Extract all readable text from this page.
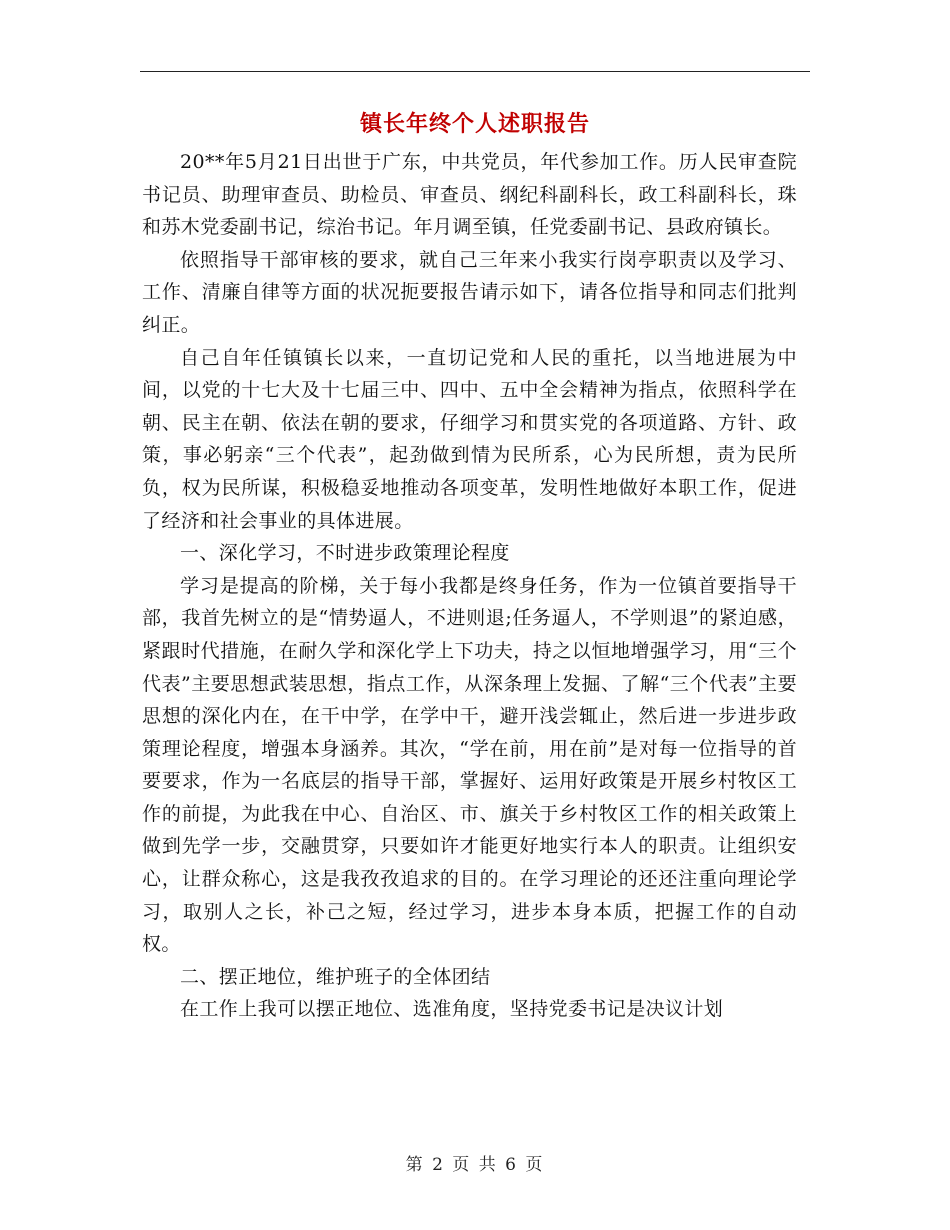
镇长年终个人述职报告

20**年5月21日出世于广东，中共党员，年代参加工作。历人民审查院书记员、助理审查员、助检员、审查员、纲纪科副科长，政工科副科长，珠和苏木党委副书记，综治书记。年月调至镇，任党委副书记、县政府镇长。

依照指导干部审核的要求，就自己三年来小我实行岗亭职责以及学习、工作、清廉自律等方面的状况扼要报告请示如下，请各位指导和同志们批判纠正。

自己自年任镇镇长以来，一直切记党和人民的重托，以当地进展为中间，以党的十七大及十七届三中、四中、五中全会精神为指点，依照科学在朝、民主在朝、依法在朝的要求，仔细学习和贯实党的各项道路、方针、政策，事必躬亲“三个代表”，起劲做到情为民所系，心为民所想，责为民所负，权为民所谋，积极稳妥地推动各项变革，发明性地做好本职工作，促进了经济和社会事业的具体进展。

一、深化学习，不时进步政策理论程度

学习是提高的阶梯，关于每小我都是终身任务，作为一位镇首要指导干部，我首先树立的是“情势逼人，不进则退;任务逼人，不学则退”的紧迫感，紧跟时代措施，在耐久学和深化学上下功夫，持之以恒地增强学习，用“三个代表”主要思想武装思想，指点工作，从深条理上发掘、了解“三个代表”主要思想的深化内在，在干中学，在学中干，避开浅尝辄止，然后进一步进步政策理论程度，增强本身涵养。其次，“学在前，用在前”是对每一位指导的首要要求，作为一名底层的指导干部，掌握好、运用好政策是开展乡村牧区工作的前提，为此我在中心、自治区、市、旗关于乡村牧区工作的相关政策上做到先学一步，交融贯穿，只要如许才能更好地实行本人的职责。让组织安心，让群众称心，这是我孜孜追求的目的。在学习理论的还还注重向理论学习，取别人之长，补己之短，经过学习，进步本身本质，把握工作的自动权。

二、摆正地位，维护班子的全体团结

在工作上我可以摆正地位、选准角度，坚持党委书记是决议计划

第 2 页 共 6 页
